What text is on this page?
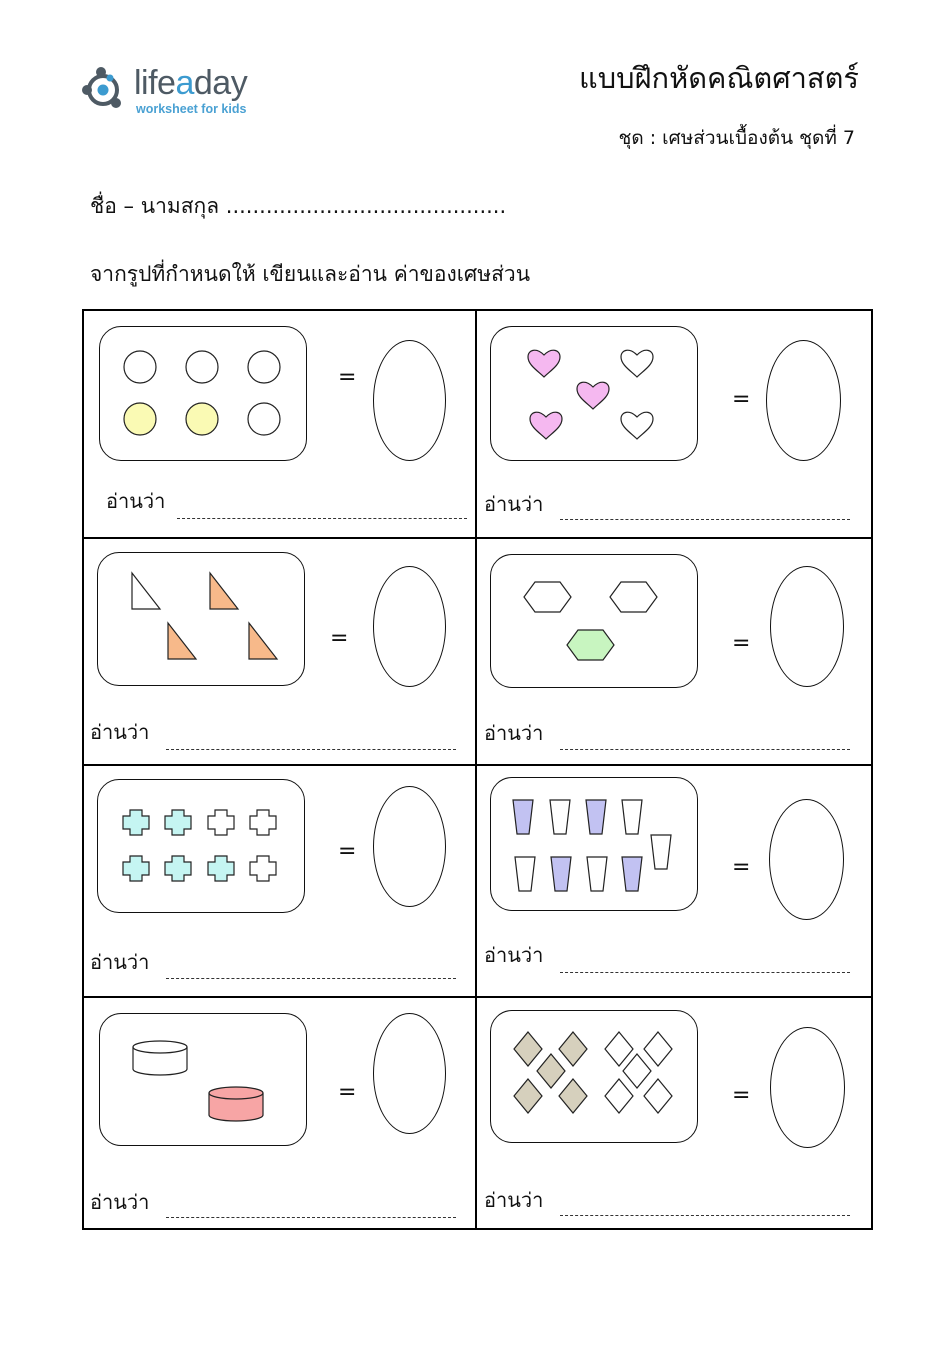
lifeaday
worksheet for kids
แบบฝึกหัดคณิตศาสตร์
ชุด : เศษส่วนเบื้องต้น ชุดที่ 7
ชื่อ – นามสกุล ..........................................
จากรูปที่กำหนดให้ เขียนและอ่าน ค่าของเศษส่วน
=
อ่านว่า
=
อ่านว่า
=
อ่านว่า
=
อ่านว่า
=
อ่านว่า
=
อ่านว่า
=
อ่านว่า
=
อ่านว่า
